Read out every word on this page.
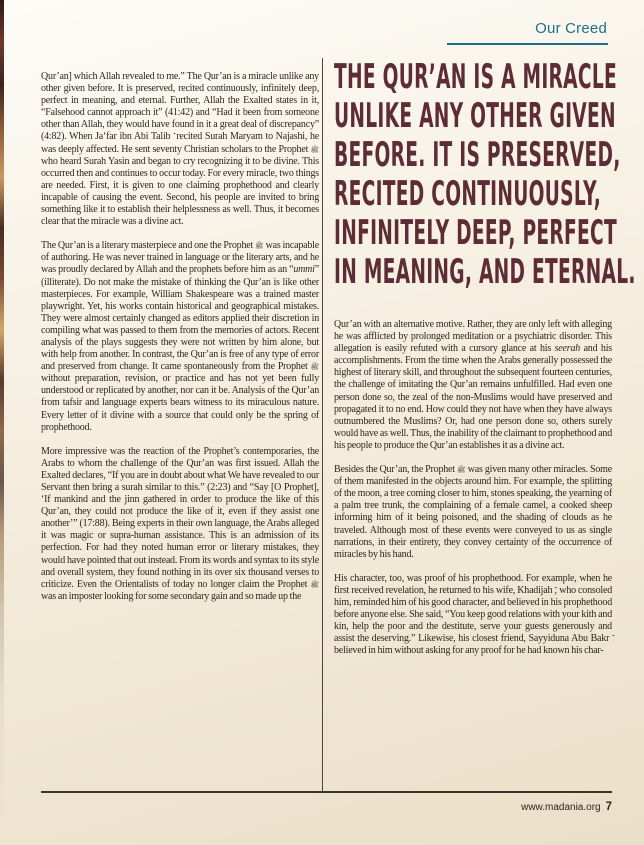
Our Creed

Qur’an] which Allah revealed to me.” The Qur’an is a miracle unlike any other given before. It is preserved, recited continuously, infinitely deep, perfect in meaning, and eternal. Further, Allah the Exalted states in it, “Falsehood cannot approach it” (41:42) and “Had it been from someone other than Allah, they would have found in it a great deal of discrepancy” (4:82). When Ja‘far ibn Abi Talib recited Surah Maryam to Najashi, he was deeply affected. He sent seventy Christian scholars to the Prophet ﷺ who heard Surah Yasin and began to cry recognizing it to be divine. This occurred then and continues to occur today. For every miracle, two things are needed. First, it is given to one claiming prophethood and clearly incapable of causing the event. Second, his people are invited to bring something like it to establish their helplessness as well. Thus, it becomes clear that the miracle was a divine act.

The Qur’an is a literary masterpiece and one the Prophet ﷺ was incapable of authoring. He was never trained in language or the literary arts, and he was proudly declared by Allah and the prophets before him as an “ummi” (illiterate). Do not make the mistake of thinking the Qur’an is like other masterpieces. For example, William Shakespeare was a trained master playwright. Yet, his works contain historical and geographical mistakes. They were almost certainly changed as editors applied their discretion in compiling what was passed to them from the memories of actors. Recent analysis of the plays suggests they were not written by him alone, but with help from another. In contrast, the Qur’an is free of any type of error and preserved from change. It came spontaneously from the Prophet ﷺ without preparation, revision, or practice and has not yet been fully understood or replicated by another, nor can it be. Analysis of the Qur’an from tafsir and language experts bears witness to its miraculous nature. Every letter of it divine with a source that could only be the spring of prophethood.

More impressive was the reaction of the Prophet’s contemporaries, the Arabs to whom the challenge of the Qur’an was first issued. Allah the Exalted declares, “If you are in doubt about what We have revealed to our Servant then bring a surah similar to this.” (2:23) and “Say [O Prophet], ‘If mankind and the jinn gathered in order to produce the like of this Qur’an, they could not produce the like of it, even if they assist one another’” (17:88). Being experts in their own language, the Arabs alleged it was magic or supra-human assistance. This is an admission of its perfection. For had they noted human error or literary mistakes, they would have pointed that out instead. From its words and syntax to its style and overall system, they found nothing in its over six thousand verses to criticize. Even the Orientalists of today no longer claim the Prophet ﷺ was an imposter looking for some secondary gain and so made up the

THE QUR’AN IS A MIRACLE
UNLIKE ANY OTHER GIVEN
BEFORE. IT IS PRESERVED,
RECITED CONTINUOUSLY,
INFINITELY DEEP, PERFECT
IN MEANING, AND ETERNAL.

Qur’an with an alternative motive. Rather, they are only left with alleging he was afflicted by prolonged meditation or a psychiatric disorder. This allegation is easily refuted with a cursory glance at his seerah and his accomplishments. From the time when the Arabs generally possessed the highest of literary skill, and throughout the subsequent fourteen centuries, the challenge of imitating the Qur’an remains unfulfilled. Had even one person done so, the zeal of the non-Muslims would have preserved and propagated it to no end. How could they not have when they have always outnumbered the Muslims? Or, had one person done so, others surely would have as well. Thus, the inability of the claimant to prophethood and his people to produce the Qur’an establishes it as a divine act.

Besides the Qur’an, the Prophet ﷺ was given many other miracles. Some of them manifested in the objects around him. For example, the splitting of the moon, a tree coming closer to him, stones speaking, the yearning of a palm tree trunk, the complaining of a female camel, a cooked sheep informing him of it being poisoned, and the shading of clouds as he traveled. Although most of these events were conveyed to us as single narrations, in their entirety, they convey certainty of the occurrence of miracles by his hand.

His character, too, was proof of his prophethood. For example, when he first received revelation, he returned to his wife, Khadijah , who consoled him, reminded him of his good character, and believed in his prophethood before anyone else. She said, “You keep good relations with your kith and kin, help the poor and the destitute, serve your guests generously and assist the deserving.” Likewise, his closest friend, Sayyiduna Abu Bakr believed in him without asking for any proof for he had known his char-

www.madania.org 7
